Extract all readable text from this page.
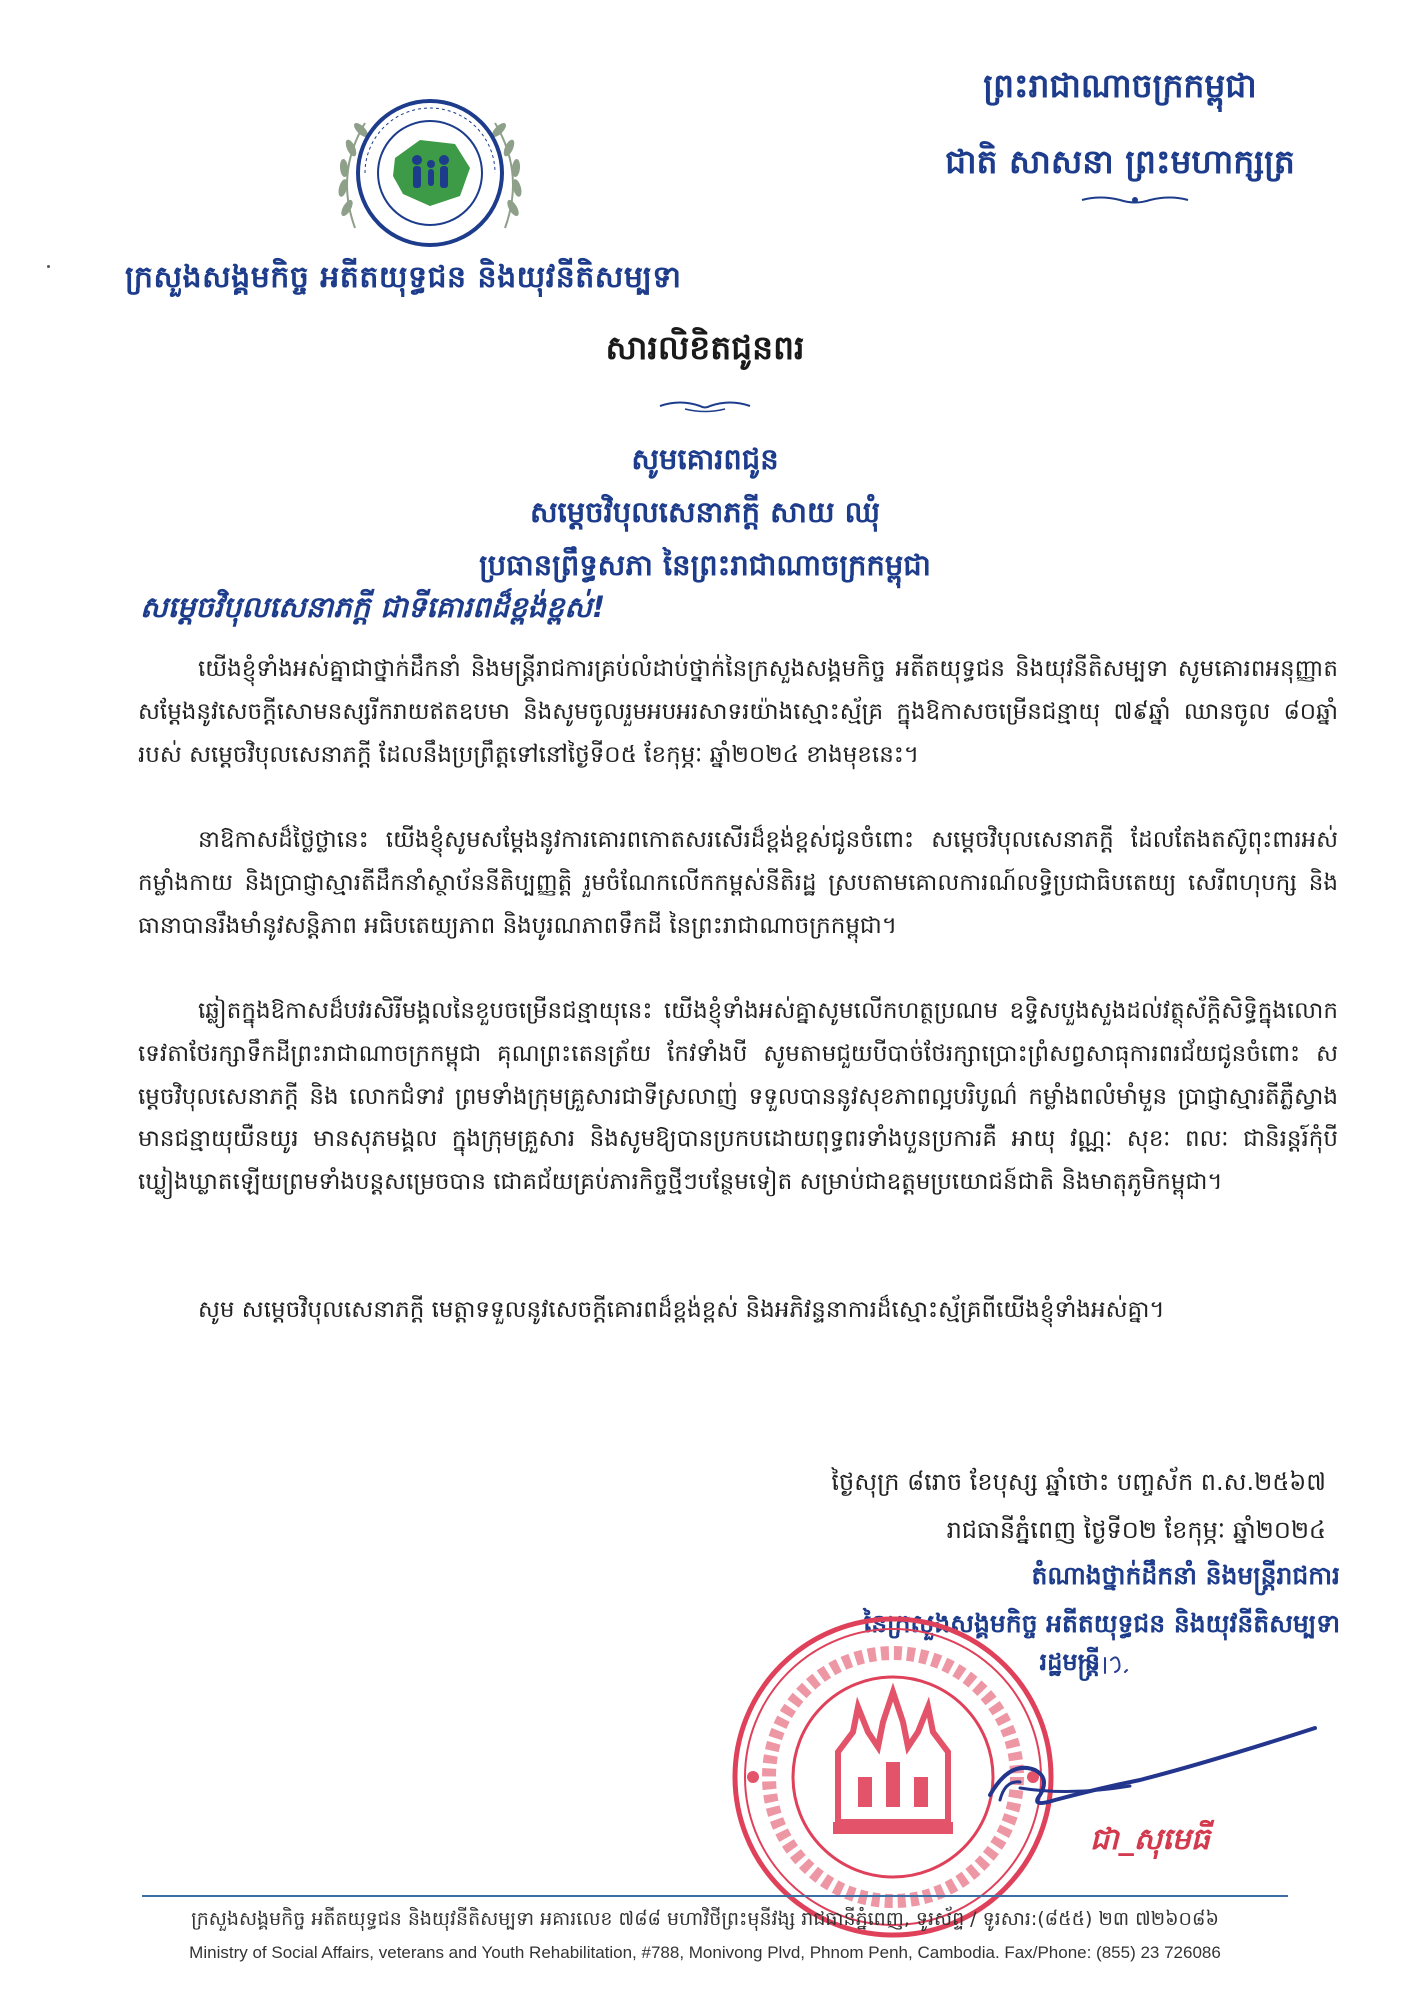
ក្រសួងសង្គមកិច្ច អតីតយុទ្ធជន និងយុវនីតិសម្បទា
ព្រះរាជាណាចក្រកម្ពុជា
ជាតិ សាសនា ព្រះមហាក្សត្រ
សារលិខិតជូនពរ
សូមគោរពជូន
សម្តេចវិបុលសេនាភក្តី សាយ ឈុំ
ប្រធានព្រឹទ្ធសភា នៃព្រះរាជាណាចក្រកម្ពុជា
សម្តេចវិបុលសេនាភក្តី ជាទីគោរពដ៏ខ្ពង់ខ្ពស់!

យើងខ្ញុំទាំងអស់គ្នាជាថ្នាក់ដឹកនាំ និងមន្ត្រីរាជការគ្រប់លំដាប់ថ្នាក់នៃក្រសួងសង្គមកិច្ច អតីតយុទ្ធជន និងយុវនីតិសម្បទា សូមគោរពអនុញ្ញាតសម្តែងនូវសេចក្តីសោមនស្សរីករាយឥតឧបមា និងសូមចូលរួមអបអរសាទរយ៉ាងស្មោះស្ម័គ្រ ក្នុងឱកាសចម្រើនជន្មាយុ ៧៩ឆ្នាំ ឈានចូល ៨០ឆ្នាំ របស់ សម្តេចវិបុលសេនាភក្តី ដែលនឹងប្រព្រឹត្តទៅនៅថ្ងៃទី០៥ ខែកុម្ភៈ ឆ្នាំ២០២៤ ខាងមុខនេះ។

នាឱកាសដ៏ថ្លៃថ្លានេះ យើងខ្ញុំសូមសម្តែងនូវការគោរពកោតសរសើរដ៏ខ្ពង់ខ្ពស់ជូនចំពោះ សម្តេចវិបុលសេនាភក្តី ដែលតែងតស៊ូពុះពារអស់កម្លាំងកាយ និងប្រាជ្ញាស្មារតីដឹកនាំស្ថាប័ននីតិប្បញ្ញត្តិ រួមចំណែកលើកកម្ពស់នីតិរដ្ឋ ស្របតាមគោលការណ៍លទ្ធិប្រជាធិបតេយ្យ សេរីពហុបក្ស និងធានាបានរឹងមាំនូវសន្តិភាព អធិបតេយ្យភាព និងបូរណភាពទឹកដី នៃព្រះរាជាណាចក្រកម្ពុជា។

ឆ្លៀតក្នុងឱកាសដ៏បវរសិរីមង្គលនៃខួបចម្រើនជន្មាយុនេះ យើងខ្ញុំទាំងអស់គ្នាសូមលើកហត្ថប្រណម ឧទ្ទិសបួងសួងដល់វត្ថុស័ក្តិសិទ្ធិក្នុងលោក ទេវតាថែរក្សាទឹកដីព្រះរាជាណាចក្រកម្ពុជា គុណព្រះតេនត្រ័យ កែវទាំងបី សូមតាមជួយបីបាច់ថែរក្សាប្រោះព្រំសព្វសាធុការពរជ័យជូនចំពោះ សម្តេចវិបុលសេនាភក្តី និង លោកជំទាវ ព្រមទាំងក្រុមគ្រួសារជាទីស្រលាញ់ ទទួលបាននូវសុខភាពល្អបរិបូណ៌ កម្លាំងពលំមាំមួន ប្រាជ្ញាស្មារតីភ្លឺស្វាង មានជន្មាយុយឺនយូរ មានសុភមង្គល ក្នុងក្រុមគ្រួសារ និងសូមឱ្យបានប្រកបដោយពុទ្ធពរទាំងបួនប្រការគឺ អាយុ វណ្ណៈ សុខៈ ពលៈ ជានិរន្តរ៍កុំបីឃ្លៀងឃ្លាតឡើយព្រមទាំងបន្តសម្រេចបាន ជោគជ័យគ្រប់ភារកិច្ចថ្មីៗបន្ថែមទៀត សម្រាប់ជាឧត្តមប្រយោជន៍ជាតិ និងមាតុភូមិកម្ពុជា។

សូម សម្តេចវិបុលសេនាភក្តី មេត្តាទទួលនូវសេចក្តីគោរពដ៏ខ្ពង់ខ្ពស់ និងអភិវន្ទនាការដ៏ស្មោះស្ម័គ្រពីយើងខ្ញុំទាំងអស់គ្នា។

ថ្ងៃសុក្រ ៨រោច ខែបុស្ស ឆ្នាំថោះ បញ្ចស័ក ព.ស.២៥៦៧
រាជធានីភ្នំពេញ ថ្ងៃទី០២ ខែកុម្ភៈ ឆ្នាំ២០២៤
តំណាងថ្នាក់ដឹកនាំ និងមន្ត្រីរាជការ
នៃក្រសួងសង្គមកិច្ច អតីតយុទ្ធជន និងយុវនីតិសម្បទា
រដ្ឋមន្ត្រី
ជា_សុមេធី
ក្រសួងសង្គមកិច្ច អតីតយុទ្ធជន និងយុវនីតិសម្បទា អគារលេខ ៧៨៨ មហាវិថីព្រះមុនីវង្ស រាជធានីភ្នំពេញ, ទូរស័ព្ទ / ទូរសារ:(៨៥៥) ២៣ ៧២៦០៨៦
Ministry of Social Affairs, veterans and Youth Rehabilitation, #788, Monivong Plvd, Phnom Penh, Cambodia. Fax/Phone: (855) 23 726086
